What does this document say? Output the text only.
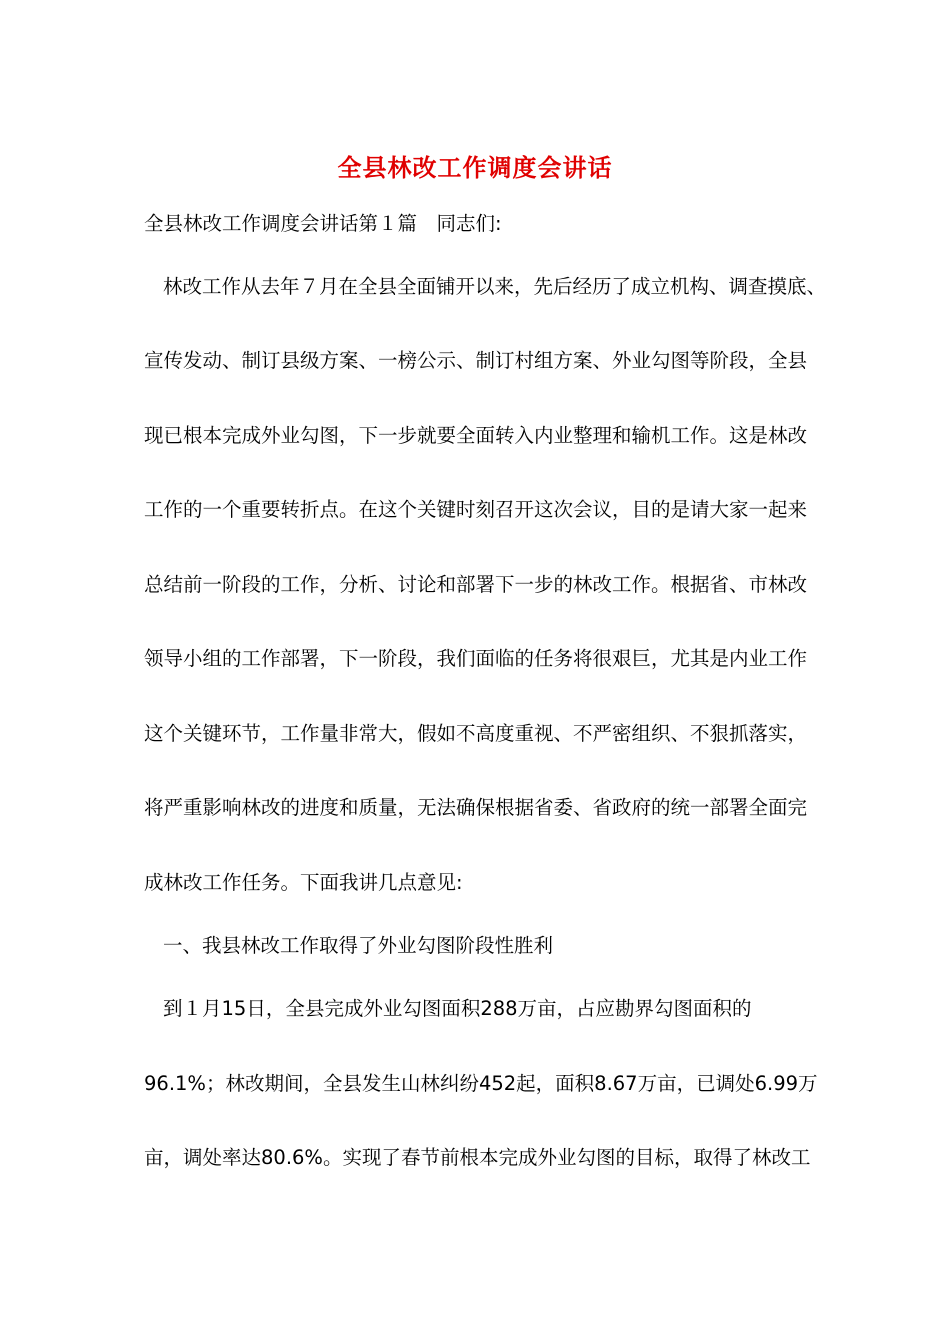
全县林改工作调度会讲话
全县林改工作调度会讲话第１篇　同志们:
林改工作从去年７月在全县全面铺开以来，先后经历了成立机构、调查摸底、
宣传发动、制订县级方案、一榜公示、制订村组方案、外业勾图等阶段，全县
现已根本完成外业勾图，下一步就要全面转入内业整理和输机工作。这是林改
工作的一个重要转折点。在这个关键时刻召开这次会议，目的是请大家一起来
总结前一阶段的工作，分析、讨论和部署下一步的林改工作。根据省、市林改
领导小组的工作部署，下一阶段，我们面临的任务将很艰巨，尤其是内业工作
这个关键环节，工作量非常大，假如不高度重视、不严密组织、不狠抓落实，
将严重影响林改的进度和质量，无法确保根据省委、省政府的统一部署全面完
成林改工作任务。下面我讲几点意见:
一、我县林改工作取得了外业勾图阶段性胜利
到１月15日，全县完成外业勾图面积288万亩，占应勘界勾图面积的
96.1%；林改期间，全县发生山林纠纷452起，面积8.67万亩，已调处6.99万
亩，调处率达80.6%。实现了春节前根本完成外业勾图的目标，取得了林改工
